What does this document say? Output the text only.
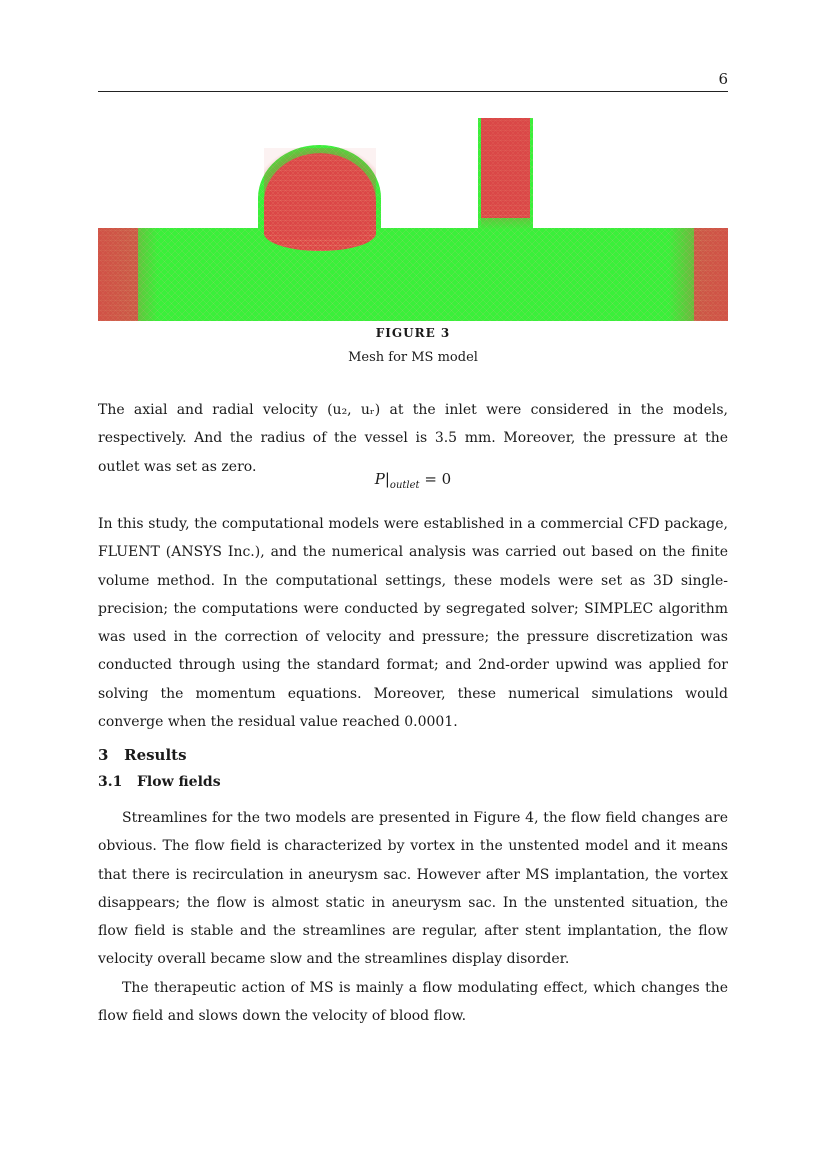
6
FIGURE 3
Mesh for MS model

The axial and radial velocity (u₂, uᵣ) at the inlet were considered in the models, respectively. And the radius of the vessel is 3.5 mm. Moreover, the pressure at the outlet was set as zero.

$P|_{outlet} = 0$

In this study, the computational models were established in a commercial CFD package, FLUENT (ANSYS Inc.), and the numerical analysis was carried out based on the finite volume method. In the computational settings, these models were set as 3D single-precision; the computations were conducted by segregated solver; SIMPLEC algorithm was used in the correction of velocity and pressure; the pressure discretization was conducted through using the standard format; and 2nd-order upwind was applied for solving the momentum equations. Moreover, these numerical simulations would converge when the residual value reached 0.0001.

3   Results
3.1   Flow fields

Streamlines for the two models are presented in Figure 4, the flow field changes are obvious. The flow field is characterized by vortex in the unstented model and it means that there is recirculation in aneurysm sac. However after MS implantation, the vortex disappears; the flow is almost static in aneurysm sac. In the unstented situation, the flow field is stable and the streamlines are regular, after stent implantation, the flow velocity overall became slow and the streamlines display disorder.

The therapeutic action of MS is mainly a flow modulating effect, which changes the flow field and slows down the velocity of blood flow.
